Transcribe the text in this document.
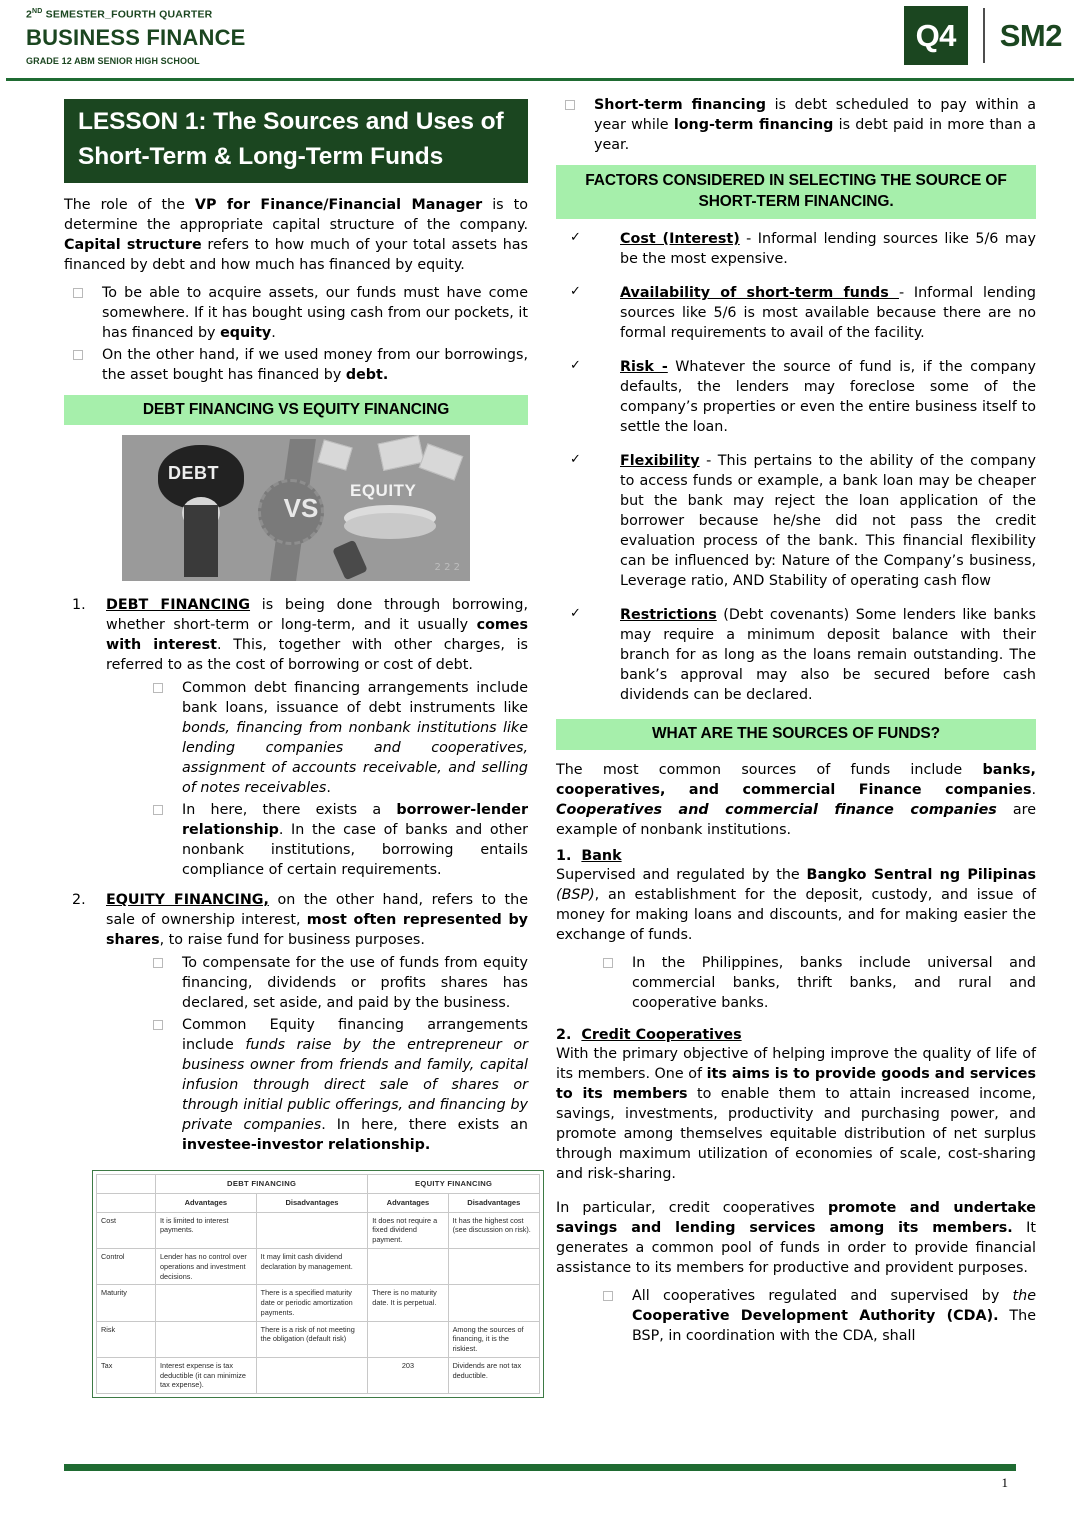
2ND SEMESTER_FOURTH QUARTER
BUSINESS FINANCE
GRADE 12 ABM SENIOR HIGH SCHOOL
Q4	SM2
LESSON 1: The Sources and Uses of Short-Term & Long-Term Funds

The role of the VP for Finance/Financial Manager is to determine the appropriate capital structure of the company. Capital structure refers to how much of your total assets has financed by debt and how much has financed by equity.

To be able to acquire assets, our funds must have come somewhere. If it has bought using cash from our pockets, it has financed by equity.
On the other hand, if we used money from our borrowings, the asset bought has financed by debt.
DEBT FINANCING VS EQUITY FINANCING
DEBT
EQUITY
VS
2 2 2
DEBT FINANCING is being done through borrowing, whether short-term or long-term, and it usually comes with interest. This, together with other charges, is referred to as the cost of borrowing or cost of debt.
Common debt financing arrangements include bank loans, issuance of debt instruments like bonds, financing from nonbank institutions like lending companies and cooperatives, assignment of accounts receivable, and selling of notes receivables.
In here, there exists a borrower-lender relationship. In the case of banks and other nonbank institutions, borrowing entails compliance of certain requirements.
EQUITY FINANCING, on the other hand, refers to the sale of ownership interest, most often represented by shares, to raise fund for business purposes.
To compensate for the use of funds from equity financing, dividends or profits shares has declared, set aside, and paid by the business.
Common Equity financing arrangements include funds raise by the entrepreneur or business owner from friends and family, capital infusion through direct sale of shares or through initial public offerings, and financing by private companies. In here, there exists an investee-investor relationship.
	DEBT FINANCING		EQUITY FINANCING	
	Advantages	Disadvantages	Advantages	Disadvantages
Cost	It is limited to interest payments.		It does not require a fixed dividend payment.	It has the highest cost (see discussion on risk).
Control	Lender has no control over operations and investment decisions.	It may limit cash dividend declaration by management.		
Maturity		There is a specified maturity date or periodic amortization payments.	There is no maturity date. It is perpetual.	
Risk		There is a risk of not meeting the obligation (default risk)		Among the sources of financing, it is the riskiest.
Tax	Interest expense is tax deductible (it can minimize tax expense).		203	Dividends are not tax deductible.
Short-term financing is debt scheduled to pay within a year while long-term financing is debt paid in more than a year.
FACTORS CONSIDERED IN SELECTING THE SOURCE OF SHORT-TERM FINANCING.
✓ Cost (Interest) - Informal lending sources like 5/6 may be the most expensive.
✓ Availability of short-term funds - Informal lending sources like 5/6 is most available because there are no formal requirements to avail of the facility.
✓ Risk - Whatever the source of fund is, if the company defaults, the lenders may foreclose some of the company’s properties or even the entire business itself to settle the loan.
✓ Flexibility - This pertains to the ability of the company to access funds or example, a bank loan may be cheaper but the bank may reject the loan application of the borrower because he/she did not pass the credit evaluation process of the bank. This financial flexibility can be influenced by: Nature of the Company’s business, Leverage ratio, AND Stability of operating cash flow
✓ Restrictions (Debt covenants) Some lenders like banks may require a minimum deposit balance with their branch for as long as the loans remain outstanding. The bank’s approval may also be secured before cash dividends can be declared.
WHAT ARE THE SOURCES OF FUNDS?

The most common sources of funds include banks, cooperatives, and commercial Finance companies. Cooperatives and commercial finance companies are example of nonbank institutions.

1. Bank

Supervised and regulated by the Bangko Sentral ng Pilipinas (BSP), an establishment for the deposit, custody, and issue of money for making loans and discounts, and for making easier the exchange of funds.

In the Philippines, banks include universal and commercial banks, thrift banks, and rural and cooperative banks.
2. Credit Cooperatives

With the primary objective of helping improve the quality of life of its members. One of its aims is to provide goods and services to its members to enable them to attain increased income, savings, investments, productivity and purchasing power, and promote among themselves equitable distribution of net surplus through maximum utilization of economies of scale, cost-sharing and risk-sharing.

In particular, credit cooperatives promote and undertake savings and lending services among its members. It generates a common pool of funds in order to provide financial assistance to its members for productive and provident purposes.

All cooperatives regulated and supervised by the Cooperative Development Authority (CDA). The BSP, in coordination with the CDA, shall
1
